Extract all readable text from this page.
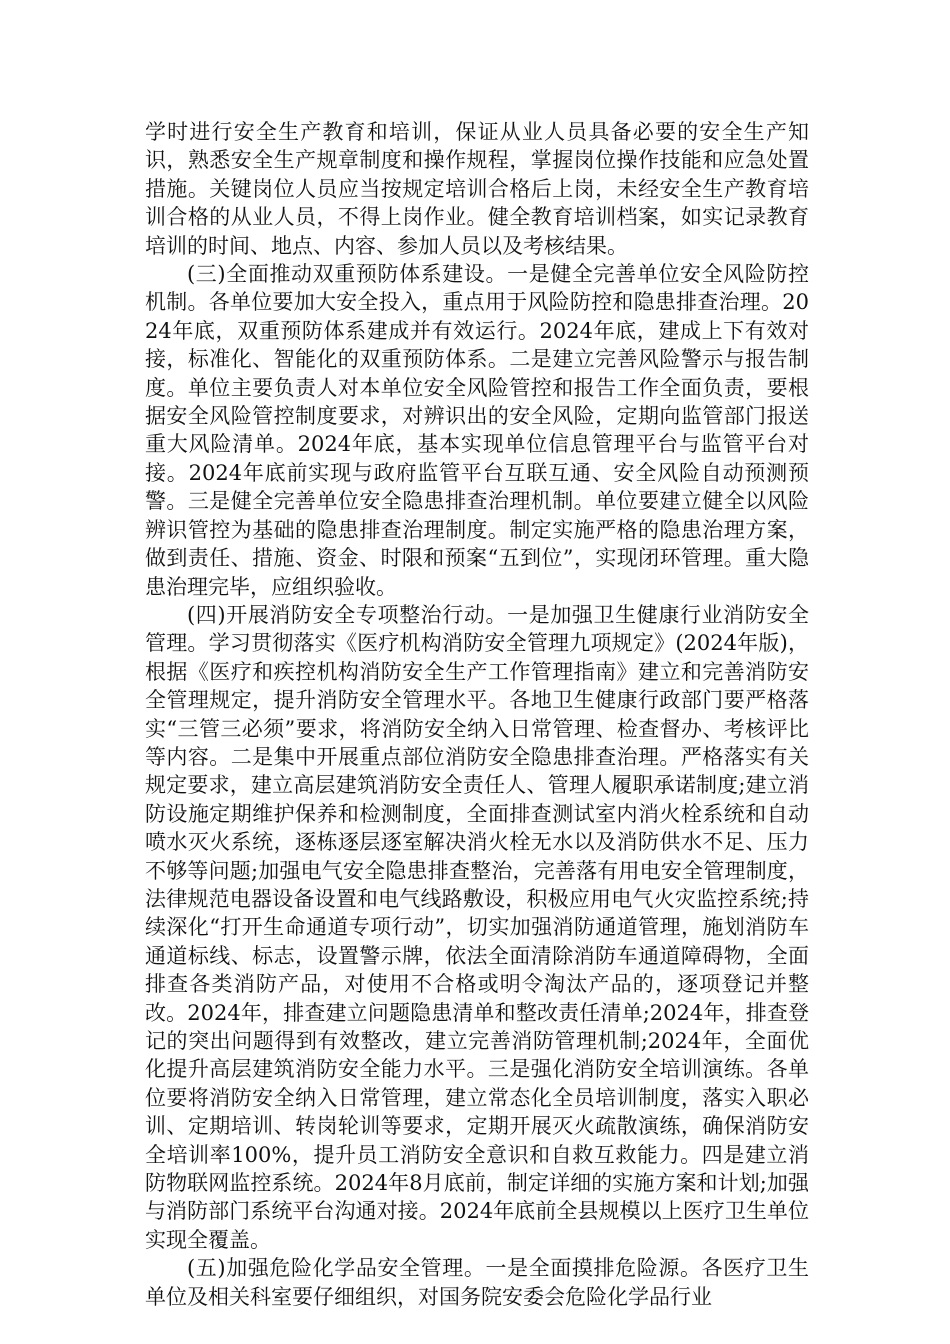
学时进行安全生产教育和培训，保证从业人员具备必要的安全生产知识，熟悉安全生产规章制度和操作规程，掌握岗位操作技能和应急处置措施。关键岗位人员应当按规定培训合格后上岗，未经安全生产教育培训合格的从业人员，不得上岗作业。健全教育培训档案，如实记录教育培训的时间、地点、内容、参加人员以及考核结果。

(三)全面推动双重预防体系建设。一是健全完善单位安全风险防控机制。各单位要加大安全投入，重点用于风险防控和隐患排查治理。2024年底，双重预防体系建成并有效运行。2024年底，建成上下有效对接，标准化、智能化的双重预防体系。二是建立完善风险警示与报告制度。单位主要负责人对本单位安全风险管控和报告工作全面负责，要根据安全风险管控制度要求，对辨识出的安全风险，定期向监管部门报送重大风险清单。2024年底，基本实现单位信息管理平台与监管平台对接。2024年底前实现与政府监管平台互联互通、安全风险自动预测预警。三是健全完善单位安全隐患排查治理机制。单位要建立健全以风险辨识管控为基础的隐患排查治理制度。制定实施严格的隐患治理方案，做到责任、措施、资金、时限和预案“五到位”，实现闭环管理。重大隐患治理完毕，应组织验收。

(四)开展消防安全专项整治行动。一是加强卫生健康行业消防安全管理。学习贯彻落实《医疗机构消防安全管理九项规定》(2024年版)，根据《医疗和疾控机构消防安全生产工作管理指南》建立和完善消防安全管理规定，提升消防安全管理水平。各地卫生健康行政部门要严格落实“三管三必须”要求，将消防安全纳入日常管理、检查督办、考核评比等内容。二是集中开展重点部位消防安全隐患排查治理。严格落实有关规定要求，建立高层建筑消防安全责任人、管理人履职承诺制度;建立消防设施定期维护保养和检测制度，全面排查测试室内消火栓系统和自动喷水灭火系统，逐栋逐层逐室解决消火栓无水以及消防供水不足、压力不够等问题;加强电气安全隐患排查整治，完善落有用电安全管理制度，法律规范电器设备设置和电气线路敷设，积极应用电气火灾监控系统;持续深化“打开生命通道专项行动”，切实加强消防通道管理，施划消防车通道标线、标志，设置警示牌，依法全面清除消防车通道障碍物，全面排查各类消防产品，对使用不合格或明令淘汰产品的，逐项登记并整改。2024年，排查建立问题隐患清单和整改责任清单;2024年，排查登记的突出问题得到有效整改，建立完善消防管理机制;2024年，全面优化提升高层建筑消防安全能力水平。三是强化消防安全培训演练。各单位要将消防安全纳入日常管理，建立常态化全员培训制度，落实入职必训、定期培训、转岗轮训等要求，定期开展灭火疏散演练，确保消防安全培训率100%，提升员工消防安全意识和自救互救能力。四是建立消防物联网监控系统。2024年8月底前，制定详细的实施方案和计划;加强与消防部门系统平台沟通对接。2024年底前全县规模以上医疗卫生单位实现全覆盖。

(五)加强危险化学品安全管理。一是全面摸排危险源。各医疗卫生单位及相关科室要仔细组织，对国务院安委会危险化学品行业
